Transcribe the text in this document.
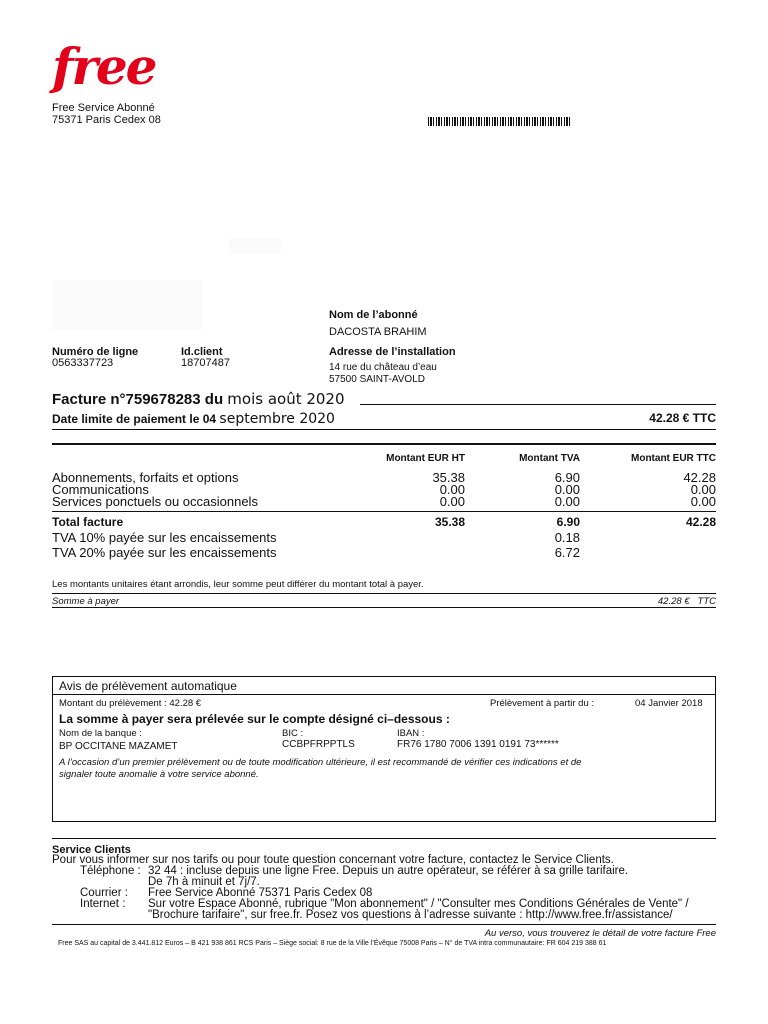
free
Free Service Abonné
75371 Paris Cedex 08
Nom de l’abonné
DACOSTA BRAHIM
Numéro de ligne
0563337723
Id.client
18707487
Adresse de l’installation
14 rue du château d’eau
57500 SAINT-AVOLD
Facture n°759678283 du mois août 2020
Date limite de paiement le 04 septembre 2020	42.28 € TTC
Montant EUR HT	Montant TVA	Montant EUR TTC
Abonnements, forfaits et options	35.38	6.90	42.28
Communications	0.00	0.00	0.00
Services ponctuels ou occasionnels	0.00	0.00	0.00
Total facture	35.38	6.90	42.28
TVA 10% payée sur les encaissements	0.18
TVA 20% payée sur les encaissements	6.72
Les montants unitaires étant arrondis, leur somme peut différer du montant total à payer.
Somme à payer	42.28 € TTC
Avis de prélèvement automatique
Montant du prélèvement : 42.28 €	Prélèvement à partir du :	04 Janvier 2018
La somme à payer sera prélevée sur le compte désigné ci–dessous :
Nom de la banque :	BIC :	IBAN :
BP OCCITANE MAZAMET	CCBPFRPPTLS	FR76 1780 7006 1391 0191 73******
A l’occasion d’un premier prélèvement ou de toute modification ultérieure, il est recommandé de vérifier ces indications et de
signaler toute anomalie à votre service abonné.
Service Clients
Pour vous informer sur nos tarifs ou pour toute question concernant votre facture, contactez le Service Clients.
Téléphone : 32 44 : incluse depuis une ligne Free. Depuis un autre opérateur, se référer à sa grille tarifaire.
De 7h à minuit et 7j/7.
Courrier : Free Service Abonné 75371 Paris Cedex 08
Internet : Sur votre Espace Abonné, rubrique "Mon abonnement" / "Consulter mes Conditions Générales de Vente" /
"Brochure tarifaire", sur free.fr. Posez vos questions à l’adresse suivante : http://www.free.fr/assistance/
Au verso, vous trouverez le détail de votre facture Free
Free SAS au capital de 3.441.812 Euros – B 421 938 861 RCS Paris – Siège social: 8 rue de la Ville l’Évêque 75008 Paris – N° de TVA intra communautaire: FR 604 219 388 61
